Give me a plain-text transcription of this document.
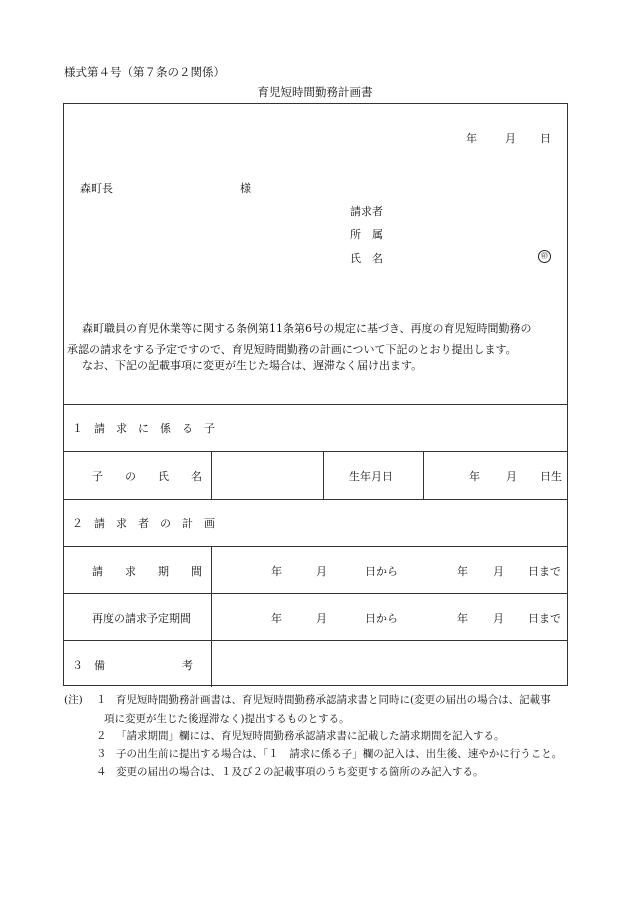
様式第４号（第７条の２関係）
育児短時間勤務計画書
年	月 日
森町長	様
請求者
所　属
氏　名	㊞
森町職員の育児休業等に関する条例第11条第6号の規定に基づき、再度の育児短時間勤務の
承認の請求をする予定ですので、育児短時間勤務の計画について下記のとおり提出します。
なお、下記の記載事項に変更が生じた場合は、遅滞なく届け出ます。
１　請　求　に　係　る　子
子　　の　　氏　　名	生年月日	年 月 日生
２　請　求　者　の　計　画
請　　求　　期　　間	年	月	日から	年 月 日まで
再度の請求予定期間	年	月	日から	年 月 日まで
３　備　　　　　　　考
(注) １ 育児短時間勤務計画書は、育児短時間勤務承認請求書と同時に(変更の届出の場合は、記載事
項に変更が生じた後遅滞なく)提出するものとする。
２ 「請求期間」欄には、育児短時間勤務承認請求書に記載した請求期間を記入する。
３ 子の出生前に提出する場合は、「１　請求に係る子」欄の記入は、出生後、速やかに行うこと。
４ 変更の届出の場合は、１及び２の記載事項のうち変更する箇所のみ記入する。
